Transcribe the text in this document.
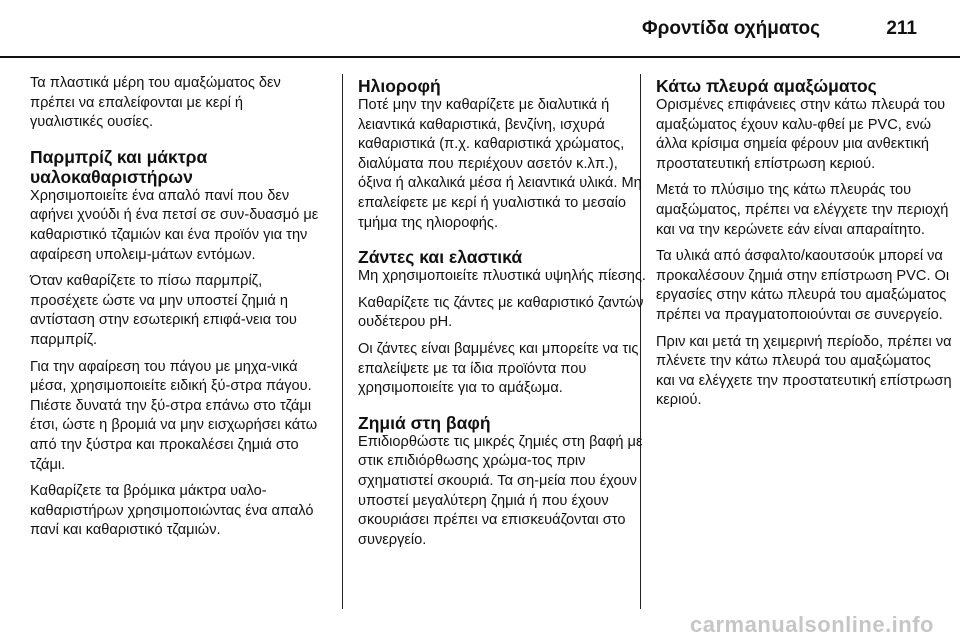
Φροντίδα οχήματος	211

Τα πλαστικά μέρη του αμαξώματος δεν πρέπει να επαλείφονται με κερί ή γυαλιστικές ουσίες.

Παρμπρίζ και μάκτρα υαλοκαθαριστήρων

Χρησιμοποιείτε ένα απαλό πανί που δεν αφήνει χνούδι ή ένα πετσί σε συν-δυασμό με καθαριστικό τζαμιών και ένα προϊόν για την αφαίρεση υπολειμ-μάτων εντόμων.

Όταν καθαρίζετε το πίσω παρμπρίζ, προσέχετε ώστε να μην υποστεί ζημιά η αντίσταση στην εσωτερική επιφά-νεια του παρμπρίζ.

Για την αφαίρεση του πάγου με μηχα-νικά μέσα, χρησιμοποιείτε ειδική ξύ-στρα πάγου. Πιέστε δυνατά την ξύ-στρα επάνω στο τζάμι έτσι, ώστε η βρομιά να μην εισχωρήσει κάτω από την ξύστρα και προκαλέσει ζημιά στο τζάμι.

Καθαρίζετε τα βρόμικα μάκτρα υαλο-καθαριστήρων χρησιμοποιώντας ένα απαλό πανί και καθαριστικό τζαμιών.

Ηλιοροφή

Ποτέ μην την καθαρίζετε με διαλυτικά ή λειαντικά καθαριστικά, βενζίνη, ισχυρά καθαριστικά (π.χ. καθαριστικά χρώματος, διαλύματα που περιέχουν ασετόν κ.λπ.), όξινα ή αλκαλικά μέσα ή λειαντικά υλικά. Μη επαλείφετε με κερί ή γυαλιστικά το μεσαίο τμήμα της ηλιοροφής.

Ζάντες και ελαστικά

Μη χρησιμοποιείτε πλυστικά υψηλής πίεσης.

Καθαρίζετε τις ζάντες με καθαριστικό ζαντών ουδέτερου pH.

Οι ζάντες είναι βαμμένες και μπορείτε να τις επαλείψετε με τα ίδια προϊόντα που χρησιμοποιείτε για το αμάξωμα.

Ζημιά στη βαφή

Επιδιορθώστε τις μικρές ζημιές στη βαφή με στικ επιδιόρθωσης χρώμα-τος πριν σχηματιστεί σκουριά. Τα ση-μεία που έχουν υποστεί μεγαλύτερη ζημιά ή που έχουν σκουριάσει πρέπει να επισκευάζονται στο συνεργείο.

Κάτω πλευρά αμαξώματος

Ορισμένες επιφάνειες στην κάτω πλευρά του αμαξώματος έχουν καλυ-φθεί με PVC, ενώ άλλα κρίσιμα σημεία φέρουν μια ανθεκτική προστατευτική επίστρωση κεριού.

Μετά το πλύσιμο της κάτω πλευράς του αμαξώματος, πρέπει να ελέγχετε την περιοχή και να την κερώνετε εάν είναι απαραίτητο.

Τα υλικά από άσφαλτο/καουτσούκ μπορεί να προκαλέσουν ζημιά στην επίστρωση PVC. Οι εργασίες στην κάτω πλευρά του αμαξώματος πρέπει να πραγματοποιούνται σε συνεργείο.

Πριν και μετά τη χειμερινή περίοδο, πρέπει να πλένετε την κάτω πλευρά του αμαξώματος και να ελέγχετε την προστατευτική επίστρωση κεριού.

carmanualsonline.info
